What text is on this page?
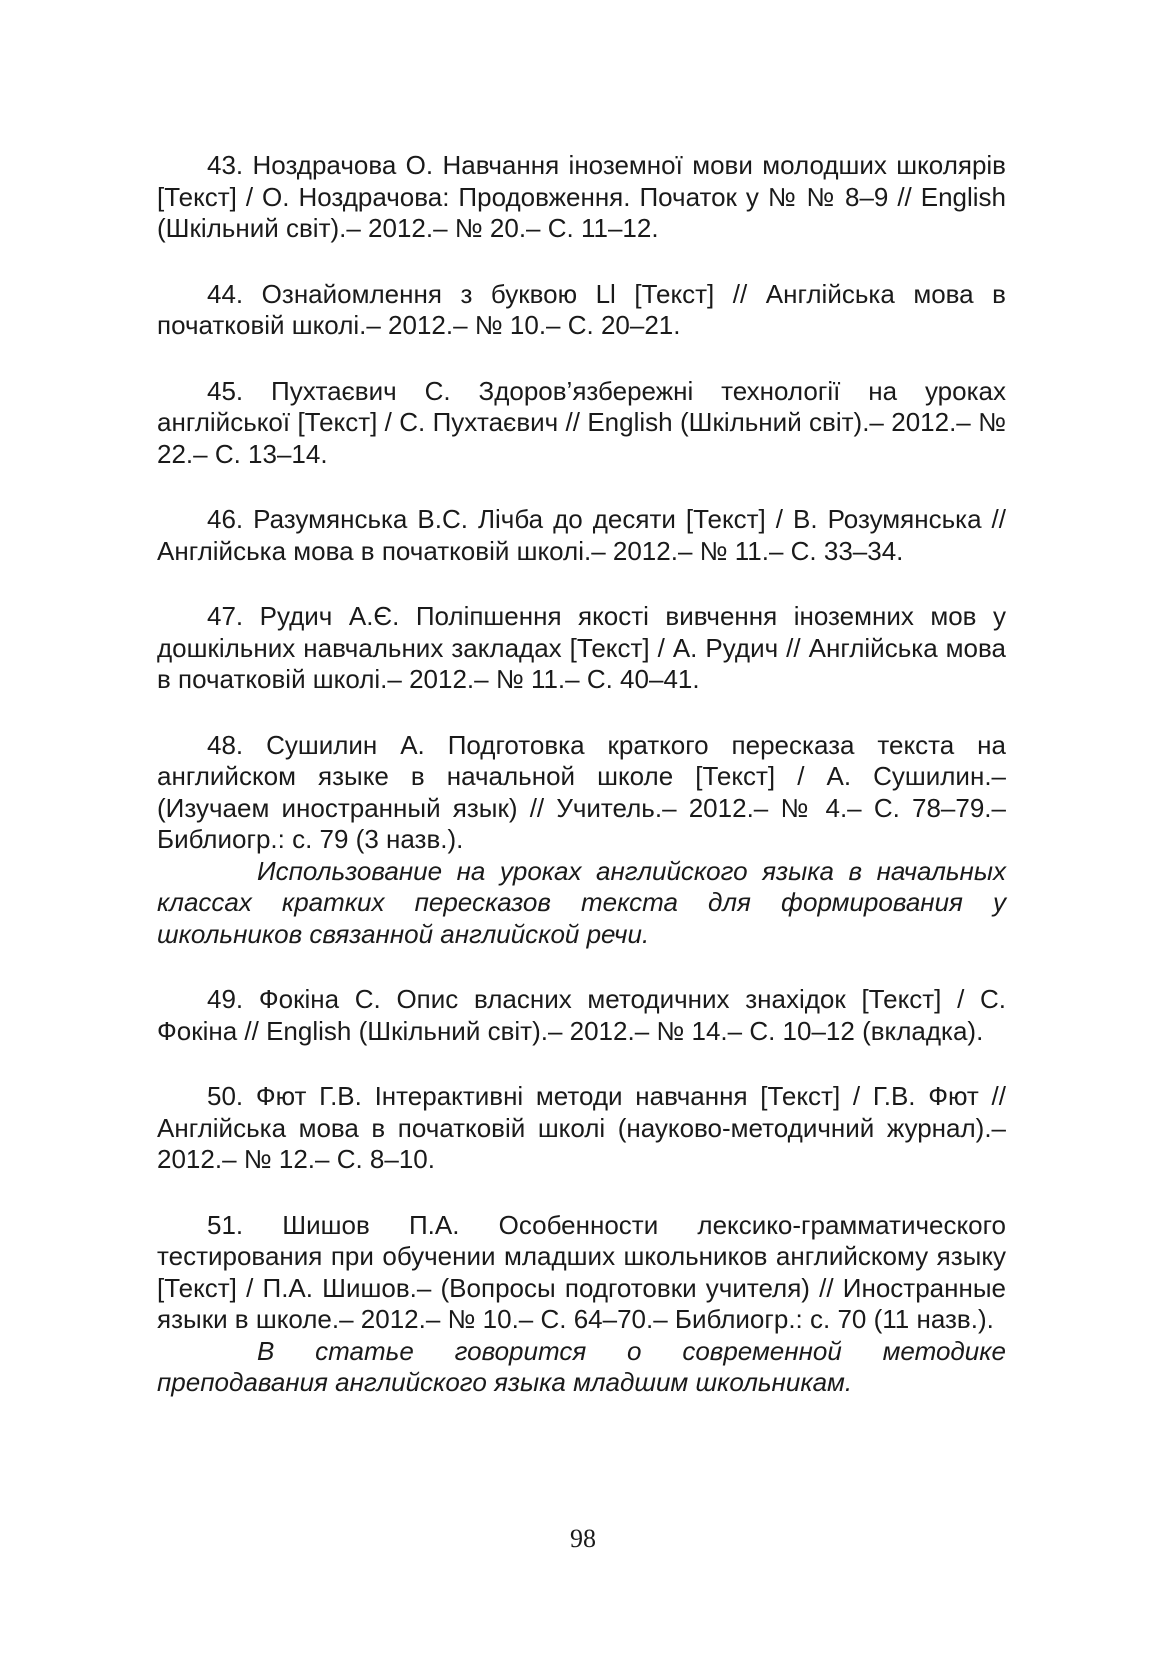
43. Ноздрачова О. Навчання іноземної мови молодших школярів [Текст] / О. Ноздрачова: Продовження. Початок у № № 8–9 // English (Шкільний світ).– 2012.– № 20.– С. 11–12.

44. Ознайомлення з буквою Ll [Текст] // Англійська мова в початковій школі.– 2012.– № 10.– С. 20–21.

45. Пухтаєвич С. Здоров’язбережні технології на уроках англійської [Текст] / С. Пухтаєвич // English (Шкільний світ).– 2012.– № 22.– С. 13–14.

46. Разумянська В.С. Лічба до десяти [Текст] / В. Розумянська // Англійська мова в початковій школі.– 2012.– № 11.– С. 33–34.

47. Рудич А.Є. Поліпшення якості вивчення іноземних мов у дошкільних навчальних закладах [Текст] / А. Рудич // Англійська мова в початковій школі.– 2012.– № 11.– С. 40–41.

48. Сушилин А. Подготовка краткого пересказа текста на английском языке в начальной школе [Текст] / А. Сушилин.– (Изучаем иностранный язык) // Учитель.– 2012.– № 4.– С. 78–79.– Библиогр.: с. 79 (3 назв.).

Использование на уроках английского языка в начальных классах кратких пересказов текста для формирования у школьников связанной английской речи.

49. Фокіна С. Опис власних методичних знахідок [Текст] / С. Фокіна // English (Шкільний світ).– 2012.– № 14.– С. 10–12 (вкладка).

50. Фют Г.В. Інтерактивні методи навчання [Текст] / Г.В. Фют // Англійська мова в початковій школі (науково-методичний журнал).– 2012.– № 12.– С. 8–10.

51. Шишов П.А. Особенности лексико-грамматического тестирования при обучении младших школьников английскому языку [Текст] / П.А. Шишов.– (Вопросы подготовки учителя) // Иностранные языки в школе.– 2012.– № 10.– С. 64–70.– Библиогр.: с. 70 (11 назв.).

В статье говорится о современной методике преподавания английского языка младшим школьникам.

98
